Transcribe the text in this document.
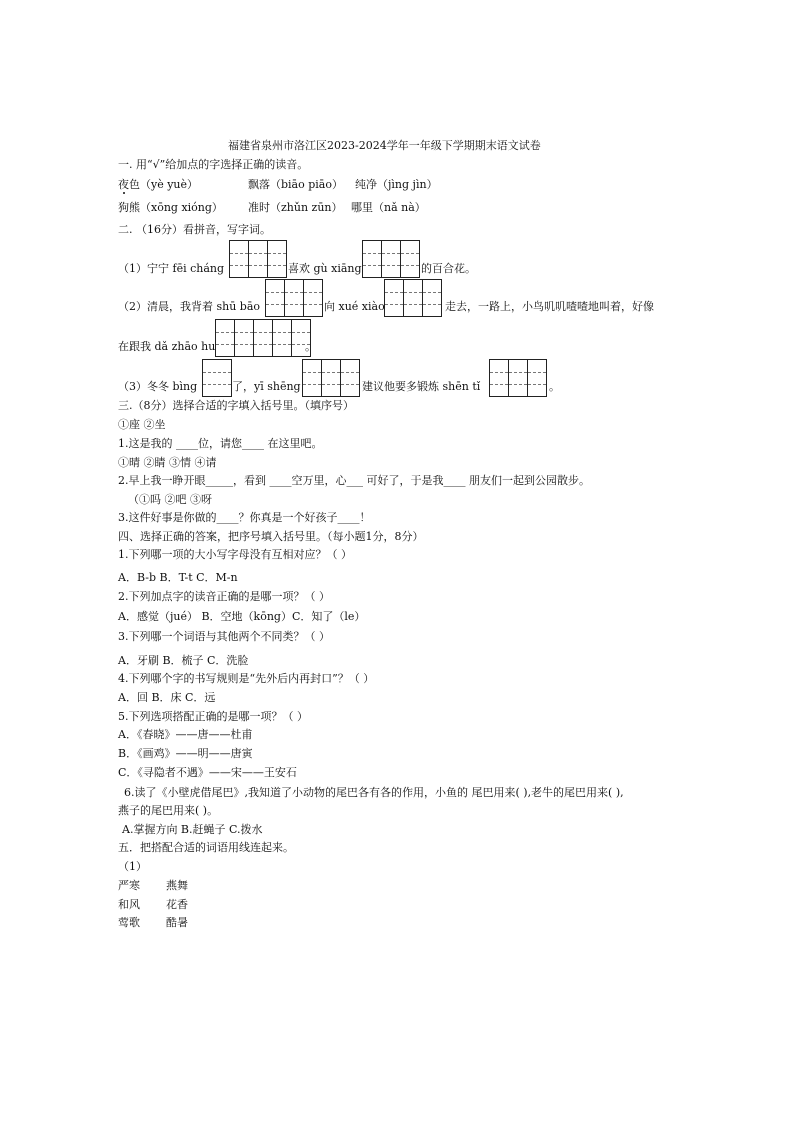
福建省泉州市洛江区2023-2024学年一年级下学期期末语文试卷
一. 用“√”给加点的字选择正确的读音。
夜色（yè yuè）	飘落（biāo piāo） 纯净（jìng jìn）
狗熊（xōng xióng） 准时（zhǔn zūn） 哪里（nǎ nà）
二. （16分）看拼音，写字词。
（1）宁宁 fēi cháng	喜欢 gù xiāng	的百合花。
（2）清晨，我背着 shū bāo	向 xué xiào	走去，一路上，小鸟叽叽喳喳地叫着，好像
在跟我 dǎ zhāo hu	。
（3）冬冬 bìng	了，yī shēng	建议他要多锻炼 shēn tǐ	。
三.（8分）选择合适的字填入括号里。（填序号）
①座 ②坐
1.这是我的 ____位，请您____ 在这里吧。
①晴 ②睛 ③情 ④请
2.早上我一睁开眼_____，看到 ____空万里，心___ 可好了，于是我____ 朋友们一起到公园散步。
（①吗 ②吧 ③呀
3.这件好事是你做的____？你真是一个好孩子____！
四、选择正确的答案，把序号填入括号里。（每小题1分，8分）
1.下列哪一项的大小写字母没有互相对应？（ ）
A．B-b B．T-t C．M-n
2.下列加点字的读音正确的是哪一项？（ ）
A．感觉（jué） B．空地（kōng）C．知了（le）
3.下列哪一个词语与其他两个不同类？（ ）
A．牙刷 B．梳子 C．洗脸
4.下列哪个字的书写规则是“先外后内再封口”？（ ）
A．回 B．床 C．远
5.下列选项搭配正确的是哪一项？（ ）
A．《春晓》——唐——杜甫
B．《画鸡》——明——唐寅
C．《寻隐者不遇》——宋——王安石
6.读了《小壁虎借尾巴》,我知道了小动物的尾巴各有各的作用，小鱼的 尾巴用来( ),老牛的尾巴用来( ),
燕子的尾巴用来( )。
A.掌握方向 B.赶蝇子 C.拨水
五．把搭配合适的词语用线连起来。
（1）
严寒 燕舞
和风 花香
莺歌 酷暑
